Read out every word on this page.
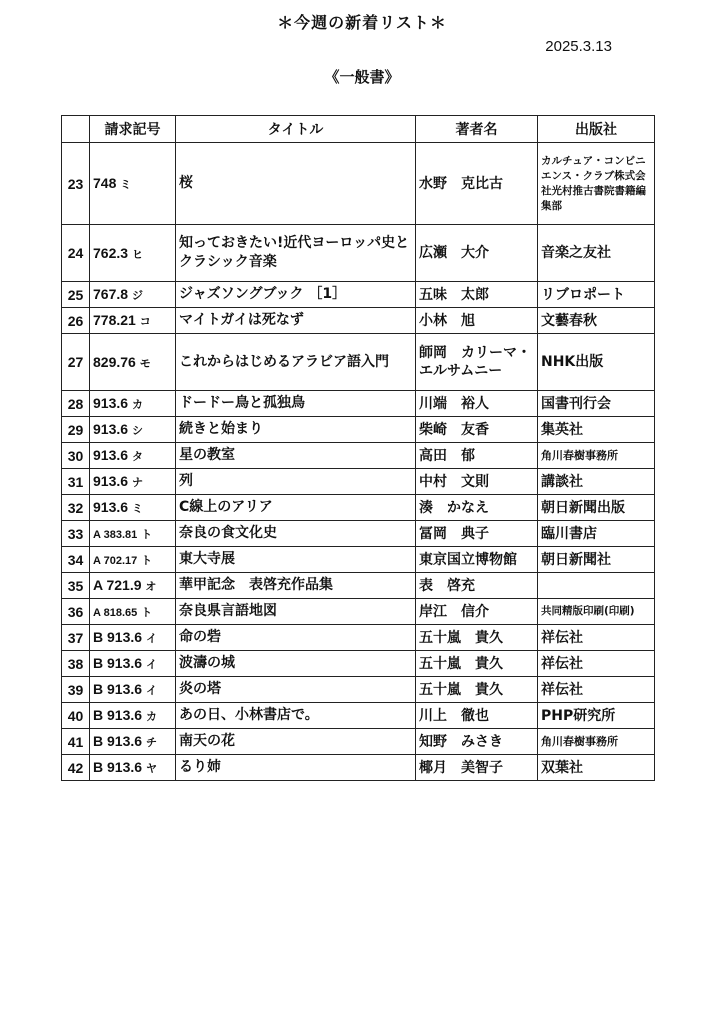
＊今週の新着リスト＊
2025.3.13
《一般書》
	請求記号	タイトル	著者名	出版社
23	748 ミ	桜	水野　克比古	カルチュア・コンビニエンス・クラブ株式会社光村推古書院書籍編集部
24	762.3 ヒ	知っておきたい!近代ヨーロッパ史とクラシック音楽	広瀬　大介	音楽之友社
25	767.8 ジ	ジャズソングブック ［1］	五味　太郎	リブロポート
26	778.21 コ	マイトガイは死なず	小林　旭	文藝春秋
27	829.76 モ	これからはじめるアラビア語入門	師岡　カリーマ・エルサムニー	NHK出版
28	913.6 カ	ドードー鳥と孤独鳥	川端　裕人	国書刊行会
29	913.6 シ	続きと始まり	柴崎　友香	集英社
30	913.6 タ	星の教室	高田　郁	角川春樹事務所
31	913.6 ナ	列	中村　文則	講談社
32	913.6 ミ	C線上のアリア	湊　かなえ	朝日新聞出版
33	A 383.81 ト	奈良の食文化史	冨岡　典子	臨川書店
34	A 702.17 ト	東大寺展	東京国立博物館	朝日新聞社
35	A 721.9 オ	華甲記念　表啓充作品集	表　啓充	
36	A 818.65 ト	奈良県言語地図	岸江　信介	共同精版印刷(印刷)
37	B 913.6 イ	命の砦	五十嵐　貴久	祥伝社
38	B 913.6 イ	波濤の城	五十嵐　貴久	祥伝社
39	B 913.6 イ	炎の塔	五十嵐　貴久	祥伝社
40	B 913.6 カ	あの日、小林書店で。	川上　徹也	PHP研究所
41	B 913.6 チ	南天の花	知野　みさき	角川春樹事務所
42	B 913.6 ヤ	るり姉	椰月　美智子	双葉社
